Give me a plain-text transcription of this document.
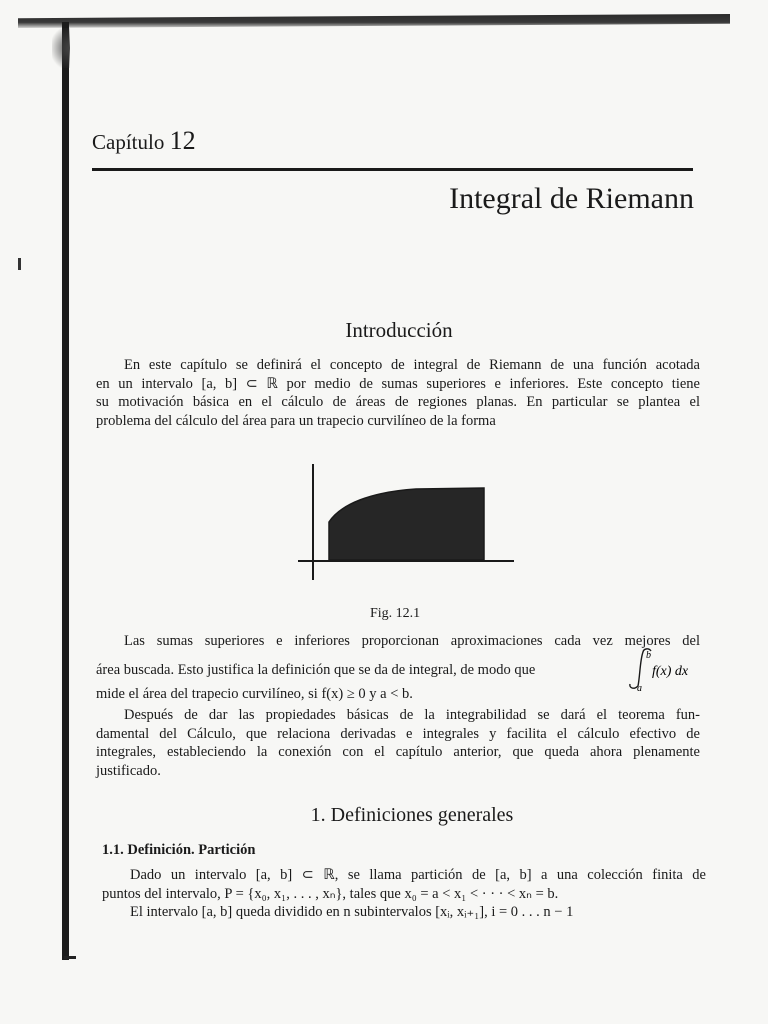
Capítulo 12
Integral de Riemann
Introducción
En este capítulo se definirá el concepto de integral de Riemann de una función acotada
en un intervalo [a, b] ⊂ ℝ por medio de sumas superiores e inferiores. Este concepto tiene
su motivación básica en el cálculo de áreas de regiones planas. En particular se plantea el
problema del cálculo del área para un trapecio curvilíneo de la forma
Fig. 12.1
Las sumas superiores e inferiores proporcionan aproximaciones cada vez mejores del
área buscada. Esto justifica la definición que se da de integral, de modo que
mide el área del trapecio curvilíneo, si f(x) ≥ 0 y a < b.
b
a
f(x) dx
Después de dar las propiedades básicas de la integrabilidad se dará el teorema fun-
damental del Cálculo, que relaciona derivadas e integrales y facilita el cálculo efectivo de
integrales, estableciendo la conexión con el capítulo anterior, que queda ahora plenamente
justificado.
1. Definiciones generales
1.1. Definición. Partición
Dado un intervalo [a, b] ⊂ ℝ, se llama partición de [a, b] a una colección finita de
puntos del intervalo, P = {x₀, x₁, . . . , xₙ}, tales que x₀ = a < x₁ < · · · < xₙ = b.
El intervalo [a, b] queda dividido en n subintervalos [xᵢ, xᵢ₊₁], i = 0 . . . n − 1
